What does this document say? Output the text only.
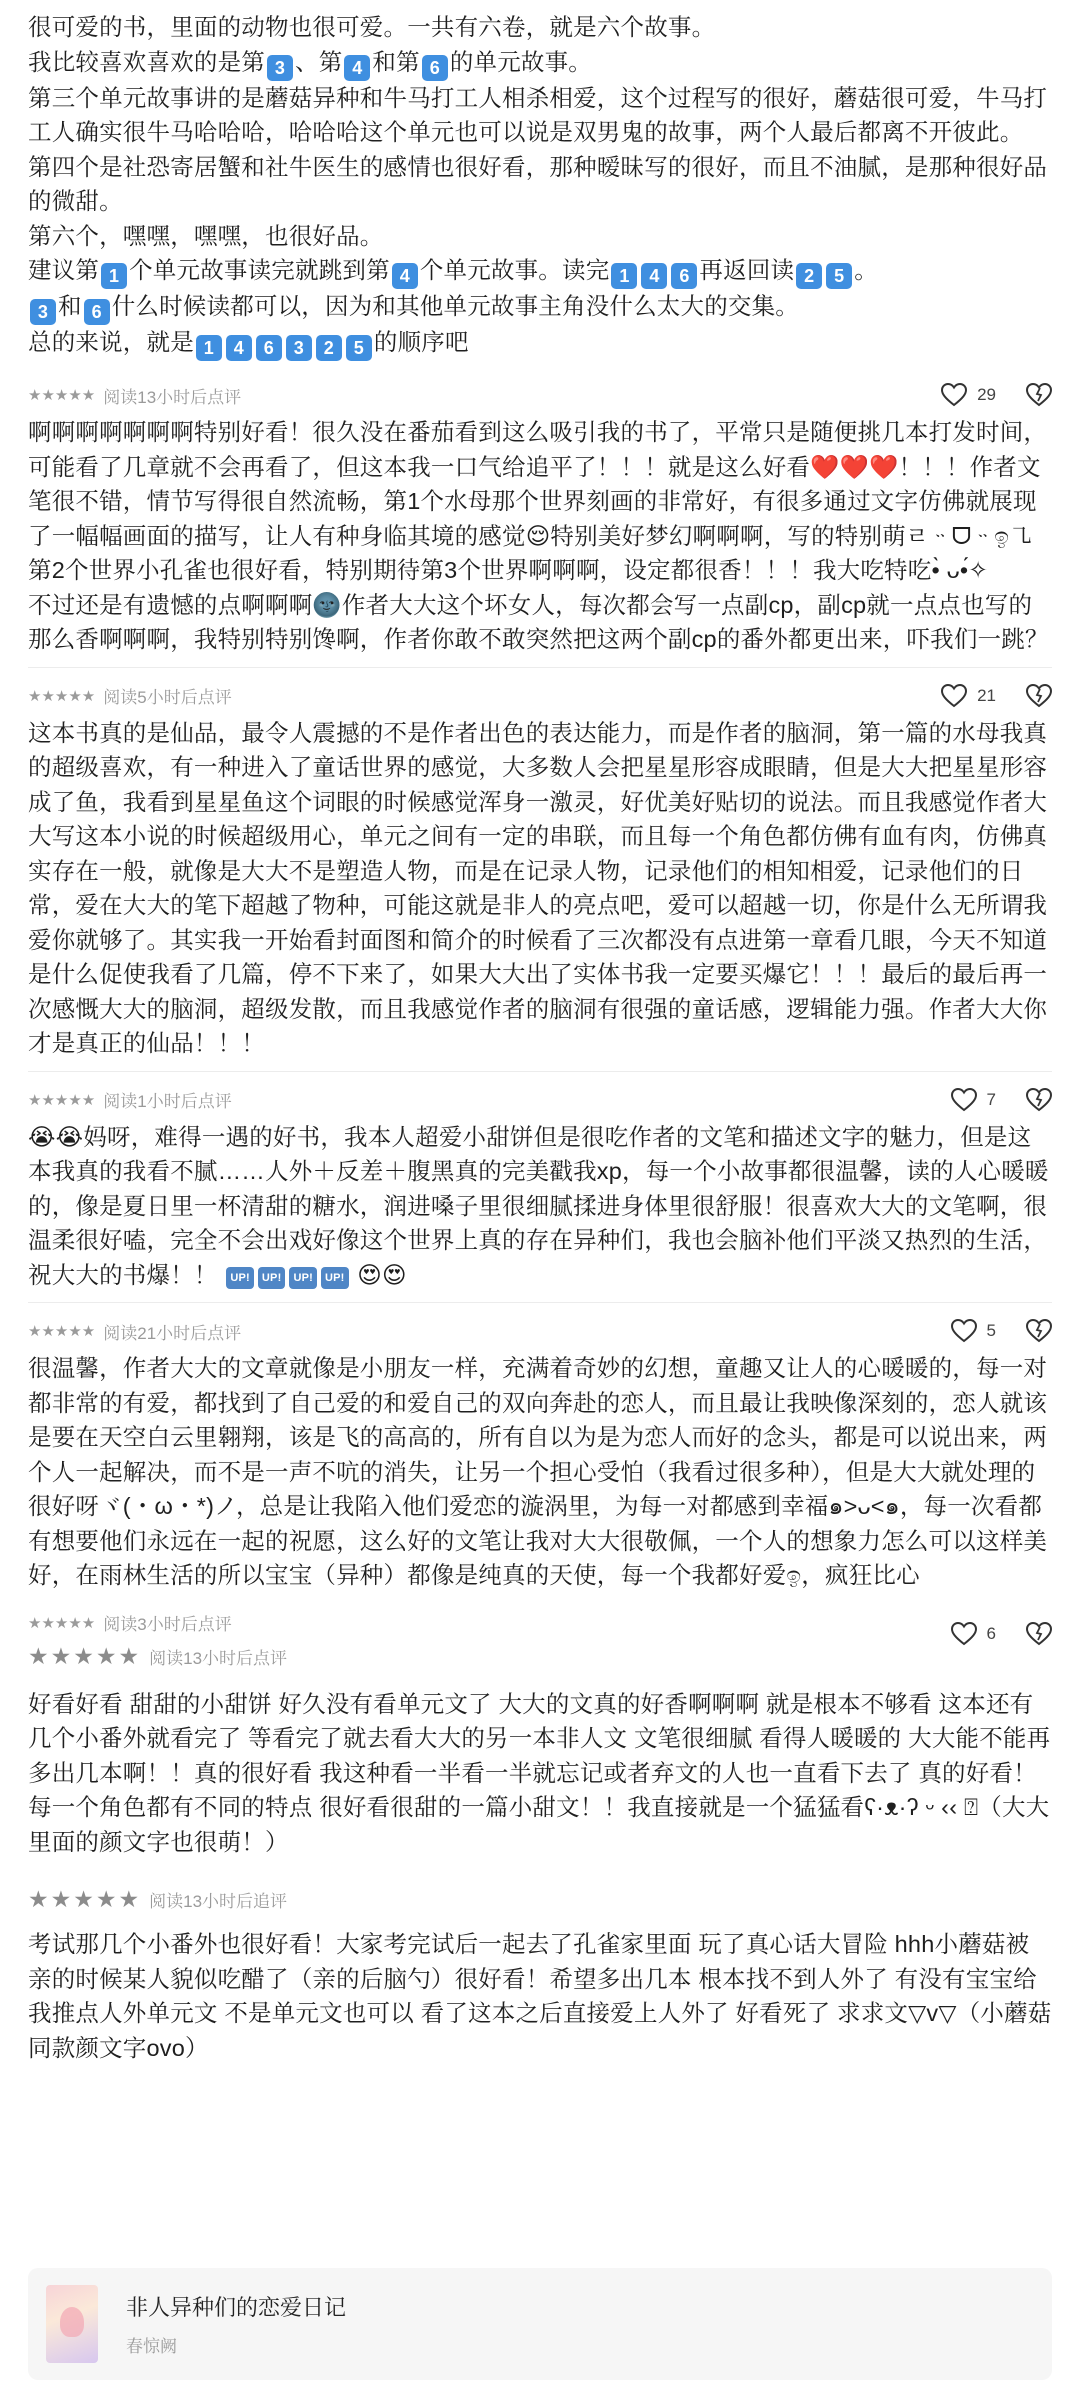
很可爱的书，里面的动物也很可爱。一共有六卷，就是六个故事。

我比较喜欢喜欢的是第 3 、第 4 和第 6 的单元故事。

第三个单元故事讲的是蘑菇异种和牛马打工人相杀相爱，这个过程写的很好，蘑菇很可爱，牛马打工人确实很牛马哈哈哈，哈哈哈这个单元也可以说是双男鬼的故事，两个人最后都离不开彼此。

第四个是社恐寄居蟹和社牛医生的感情也很好看，那种暧昧写的很好，而且不油腻，是那种很好品的微甜。

第六个，嘿嘿，嘿嘿，也很好品。

建议第 1 个单元故事读完就跳到第 4 个单元故事。读完 1 4 6 再返回读 2 5 。

3 和 6 什么时候读都可以，因为和其他单元故事主角没什么太大的交集。

总的来说，就是 1 4 6 3 2 5 的顺序吧

★★★★★ 阅读13小时后点评	29

啊啊啊啊啊啊啊特别好看！很久没在番茄看到这么吸引我的书了，平常只是随便挑几本打发时间，可能看了几章就不会再看了，但这本我一口气给追平了！！！就是这么好看❤️❤️❤️！！！作者文笔很不错，情节写得很自然流畅，第1个水母那个世界刻画的非常好，有很多通过文字仿佛就展现了一幅幅画面的描写，让人有种身临其境的感觉😌特别美好梦幻啊啊啊，写的特别萌ㄹᆢᗜᆢඉ㇈第2个世界小孔雀也很好看，特别期待第3个世界啊啊啊，设定都很香！！！我大吃特吃•̀ ᴗ•́✧

不过还是有遗憾的点啊啊啊🌚作者大大这个坏女人，每次都会写一点副cp，副cp就一点点也写的那么香啊啊啊，我特别特别馋啊，作者你敢不敢突然把这两个副cp的番外都更出来，吓我们一跳？

★★★★★ 阅读5小时后点评	21

这本书真的是仙品，最令人震撼的不是作者出色的表达能力，而是作者的脑洞，第一篇的水母我真的超级喜欢，有一种进入了童话世界的感觉，大多数人会把星星形容成眼睛，但是大大把星星形容成了鱼，我看到星星鱼这个词眼的时候感觉浑身一激灵，好优美好贴切的说法。而且我感觉作者大大写这本小说的时候超级用心，单元之间有一定的串联，而且每一个角色都仿佛有血有肉，仿佛真实存在一般，就像是大大不是塑造人物，而是在记录人物，记录他们的相知相爱，记录他们的日常，爱在大大的笔下超越了物种，可能这就是非人的亮点吧，爱可以超越一切，你是什么无所谓我爱你就够了。其实我一开始看封面图和简介的时候看了三次都没有点进第一章看几眼，今天不知道是什么促使我看了几篇，停不下来了，如果大大出了实体书我一定要买爆它！！！最后的最后再一次感慨大大的脑洞，超级发散，而且我感觉作者的脑洞有很强的童话感，逻辑能力强。作者大大你才是真正的仙品！！！

★★★★★ 阅读1小时后点评	7

😭😭妈呀，难得一遇的好书，我本人超爱小甜饼但是很吃作者的文笔和描述文字的魅力，但是这本我真的我看不腻……人外＋反差＋腹黑真的完美戳我xp，每一个小故事都很温馨，读的人心暖暖的，像是夏日里一杯清甜的糖水，润进嗓子里很细腻揉进身体里很舒服！很喜欢大大的文笔啊，很温柔很好嗑，完全不会出戏好像这个世界上真的存在异种们，我也会脑补他们平淡又热烈的生活，祝大大的书爆！！ UP! UP! UP! UP! 😍😍

★★★★★ 阅读21小时后点评	5

很温馨，作者大大的文章就像是小朋友一样，充满着奇妙的幻想，童趣又让人的心暖暖的，每一对都非常的有爱，都找到了自己爱的和爱自己的双向奔赴的恋人，而且最让我映像深刻的，恋人就该是要在天空白云里翱翔，该是飞的高高的，所有自以为是为恋人而好的念头，都是可以说出来，两个人一起解决，而不是一声不吭的消失，让另一个担心受怕（我看过很多种），但是大大就处理的很好呀ヾ(・ω・*)ノ，总是让我陷入他们爱恋的漩涡里，为每一对都感到幸福๑>ᴗ<๑，每一次看都有想要他们永远在一起的祝愿，这么好的文笔让我对大大很敬佩，一个人的想象力怎么可以这样美好，在雨林生活的所以宝宝（异种）都像是纯真的天使，每一个我都好爱ඉ，疯狂比心

★★★★★ 阅读3小时后点评	6
★★★★★ 阅读13小时后点评

好看好看 甜甜的小甜饼 好久没有看单元文了 大大的文真的好香啊啊啊 就是根本不够看 这本还有几个小番外就看完了 等看完了就去看大大的另一本非人文 文笔很细腻 看得人暖暖的 大大能不能再多出几本啊！！真的很好看 我这种看一半看一半就忘记或者弃文的人也一直看下去了 真的好看！每一个角色都有不同的特点 很好看很甜的一篇小甜文！！我直接就是一个猛猛看ʕ·ᴥ·ʔ ᵕ ‹‹ ⍰（大大里面的颜文字也很萌！）

★★★★★ 阅读13小时后追评

考试那几个小番外也很好看！大家考完试后一起去了孔雀家里面 玩了真心话大冒险 hhh小蘑菇被亲的时候某人貌似吃醋了（亲的后脑勺）很好看！希望多出几本 根本找不到人外了 有没有宝宝给我推点人外单元文 不是单元文也可以 看了这本之后直接爱上人外了 好看死了 求求文▽v▽（小蘑菇同款颜文字ovo）

非人异种们的恋爱日记
春惊阙
